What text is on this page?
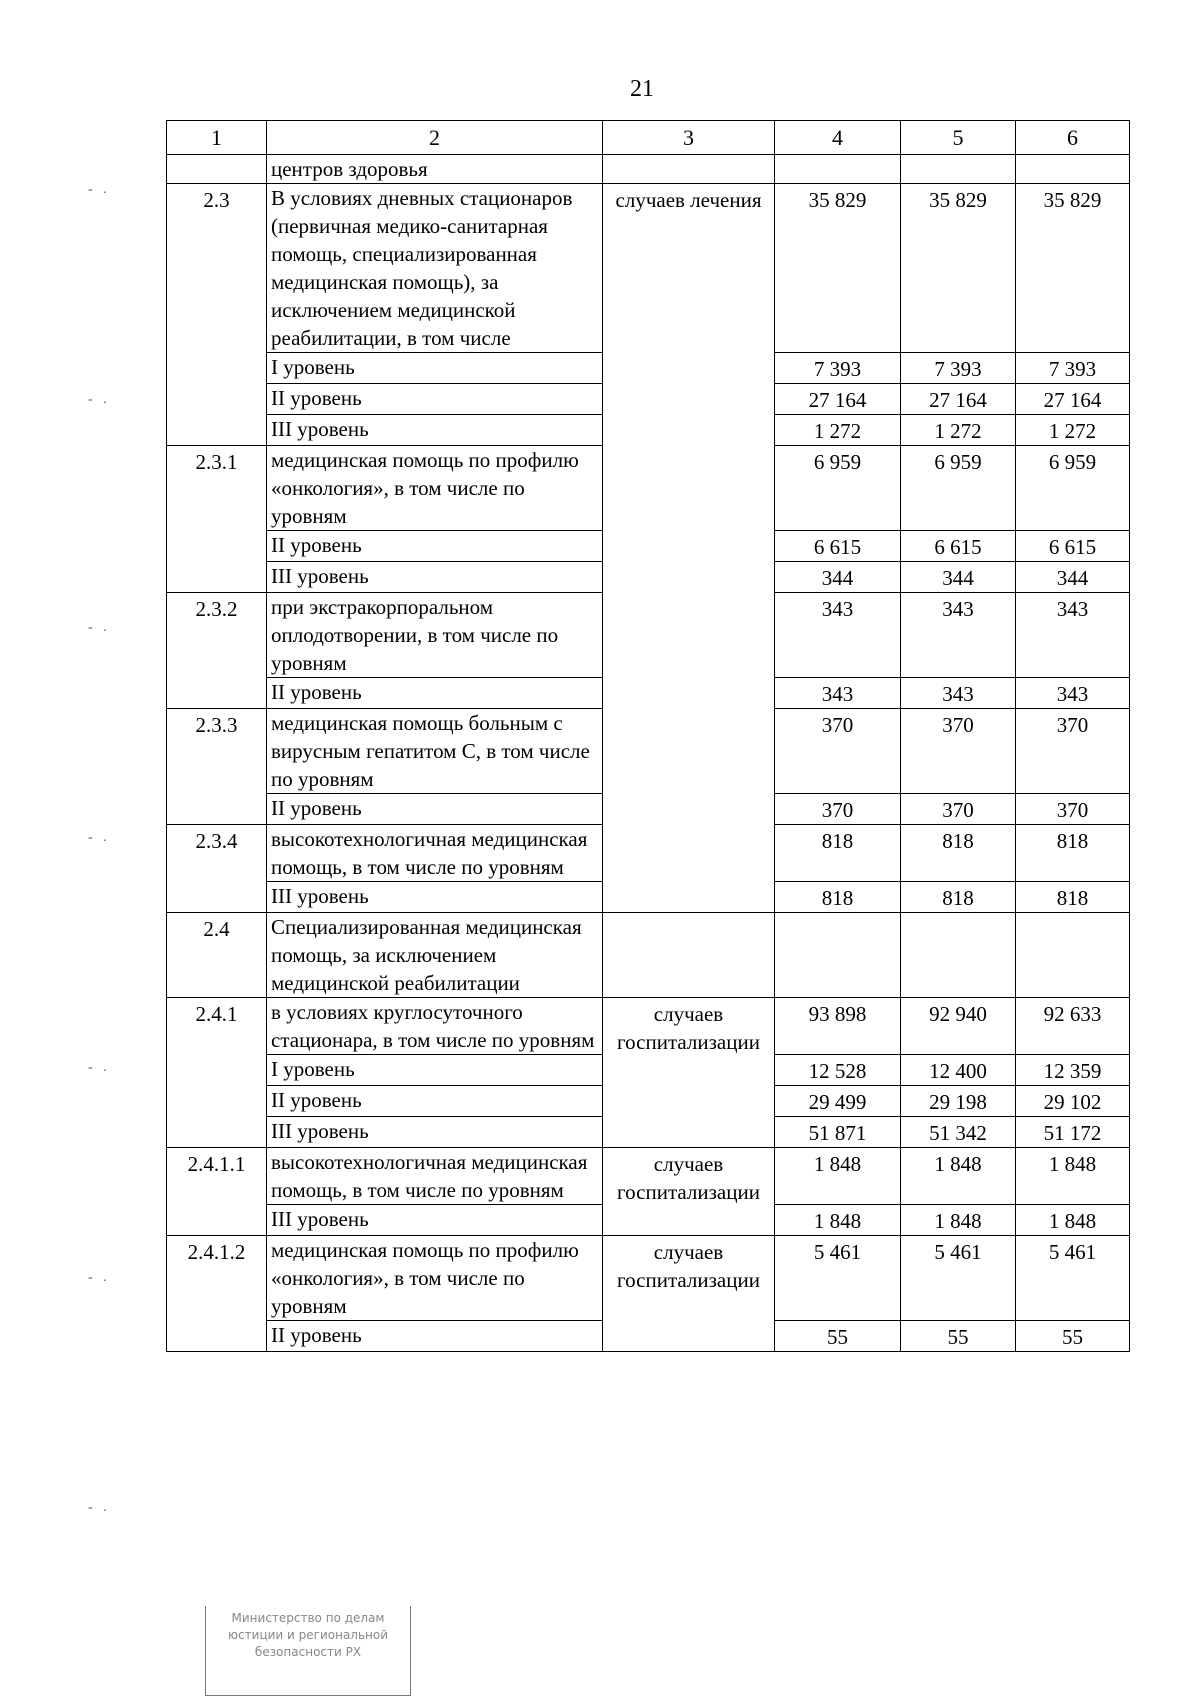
21
1	2	3	4	5	6
	центров здоровья				
2.3	В условиях дневных стационаров (первичная медико-санитарная помощь, специализированная медицинская помощь), за исключением медицинской реабилитации, в том числе	случаев лечения	35 829	35 829	35 829
	I уровень		7 393	7 393	7 393
	II уровень		27 164	27 164	27 164
	III уровень		1 272	1 272	1 272
2.3.1	медицинская помощь по профилю «онкология», в том числе по уровням		6 959	6 959	6 959
	II уровень		6 615	6 615	6 615
	III уровень		344	344	344
2.3.2	при экстракорпоральном оплодотворении, в том числе по уровням		343	343	343
	II уровень		343	343	343
2.3.3	медицинская помощь больным с вирусным гепатитом С, в том числе по уровням		370	370	370
	II уровень		370	370	370
2.3.4	высокотехнологичная медицинская помощь, в том числе по уровням		818	818	818
	III уровень		818	818	818
2.4	Специализированная медицинская помощь, за исключением медицинской реабилитации				
2.4.1	в условиях круглосуточного стационара, в том числе по уровням	случаев госпитализации	93 898	92 940	92 633
	I уровень		12 528	12 400	12 359
	II уровень		29 499	29 198	29 102
	III уровень		51 871	51 342	51 172
2.4.1.1	высокотехнологичная медицинская помощь, в том числе по уровням	случаев госпитализации	1 848	1 848	1 848
	III уровень		1 848	1 848	1 848
2.4.1.2	медицинская помощь по профилю «онкология», в том числе по уровням	случаев госпитализации	5 461	5 461	5 461
	II уровень		55	55	55
-   .
-   .
-   .
-   .
-   .
-   .
-   .
Министерство по делам
юстиции и региональной
безопасности РХ
